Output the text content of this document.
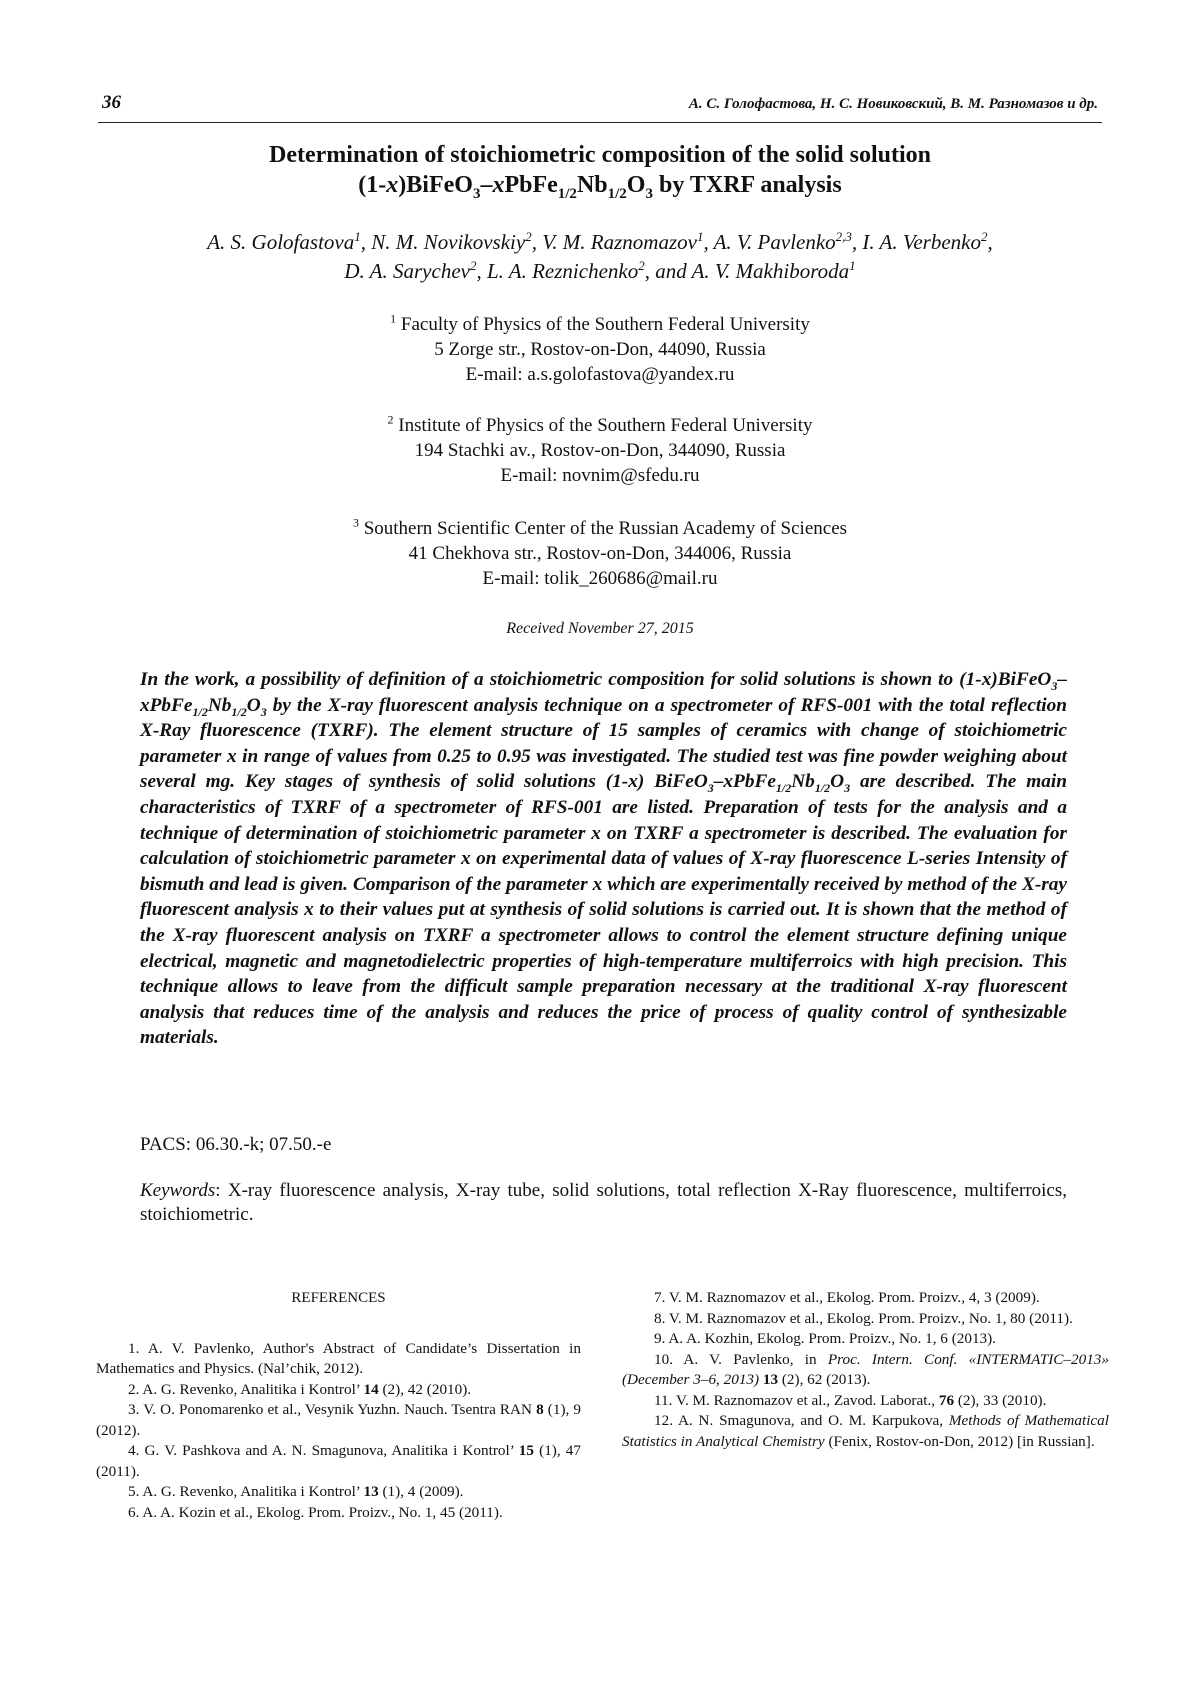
36	А. С. Голофастова, Н. С. Новиковский, В. М. Разномазов и др.
Determination of stoichiometric composition of the solid solution
$(1-x)BiFeO_3-xPbFe_{1/2}Nb_{1/2}O_3$ by TXRF analysis
A. S. Golofastova$^1$, N. M. Novikovskiy$^2$, V. M. Raznomazov$^1$, A. V. Pavlenko$^{2,3}$, I. A. Verbenko$^2$,
D. A. Sarychev$^2$, L. A. Reznichenko$^2$, and A. V. Makhiboroda$^1$
$^1$ Faculty of Physics of the Southern Federal University
5 Zorge str., Rostov-on-Don, 44090, Russia
E-mail: a.s.golofastova@yandex.ru
$^2$ Institute of Physics of the Southern Federal University
194 Stachki av., Rostov-on-Don, 344090, Russia
E-mail: novnim@sfedu.ru
$^3$ Southern Scientific Center of the Russian Academy of Sciences
41 Chekhova str., Rostov-on-Don, 344006, Russia
E-mail: tolik_260686@mail.ru
Received November 27, 2015
In the work, a possibility of definition of a stoichiometric composition for solid solutions is shown to $(1-x)BiFeO_3-xPbFe_{1/2}Nb_{1/2}O_3$ by the X-ray fluorescent analysis technique on a spectrometer of RFS-001 with the total reflection X-Ray fluorescence (TXRF). The element structure of 15 samples of ceramics with change of stoichiometric parameter x in range of values from 0.25 to 0.95 was investigated. The studied test was fine powder weighing about several mg. Key stages of synthesis of solid solutions (1-x) $BiFeO_3-xPbFe_{1/2}Nb_{1/2}O_3$ are described. The main characteristics of TXRF of a spectrometer of RFS-001 are listed. Preparation of tests for the analysis and a technique of determination of stoichiometric parameter x on TXRF a spectrometer is described. The evaluation for calculation of stoichiometric parameter x on experimental data of values of X-ray fluorescence L-series Intensity of bismuth and lead is given. Comparison of the parameter x which are experimentally received by method of the X-ray fluorescent analysis x to their values put at synthesis of solid solutions is carried out. It is shown that the method of the X-ray fluorescent analysis on TXRF a spectrometer allows to control the element structure defining unique electrical, magnetic and magnetodielectric properties of high-temperature multiferroics with high precision. This technique allows to leave from the difficult sample preparation necessary at the traditional X-ray fluorescent analysis that reduces time of the analysis and reduces the price of process of quality control of synthesizable materials.
PACS: 06.30.-k; 07.50.-e
Keywords: X-ray fluorescence analysis, X-ray tube, solid solutions, total reflection X-Ray fluorescence, multiferroics, stoichiometric.

REFERENCES

1. A. V. Pavlenko, Author's Abstract of Candidate’s Dissertation in Mathematics and Physics. (Nal’chik, 2012).

2. A. G. Revenko, Analitika i Kontrol’ 14 (2), 42 (2010).

3. V. O. Ponomarenko et al., Vesynik Yuzhn. Nauch. Tsentra RAN 8 (1), 9 (2012).

4. G. V. Pashkova and A. N. Smagunova, Analitika i Kontrol’ 15 (1), 47 (2011).

5. A. G. Revenko, Analitika i Kontrol’ 13 (1), 4 (2009).

6. A. A. Kozin et al., Ekolog. Prom. Proizv., No. 1, 45 (2011).

7. V. M. Raznomazov et al., Ekolog. Prom. Proizv., 4, 3 (2009).

8. V. M. Raznomazov et al., Ekolog. Prom. Proizv., No. 1, 80 (2011).

9. A. A. Kozhin, Ekolog. Prom. Proizv., No. 1, 6 (2013).

10. A. V. Pavlenko, in Proc. Intern. Conf. «INTERMATIC–2013» (December 3–6, 2013) 13 (2), 62 (2013).

11. V. M. Raznomazov et al., Zavod. Laborat., 76 (2), 33 (2010).

12. A. N. Smagunova, and O. M. Karpukova, Methods of Mathematical Statistics in Analytical Chemistry (Fenix, Rostov-on-Don, 2012) [in Russian].
